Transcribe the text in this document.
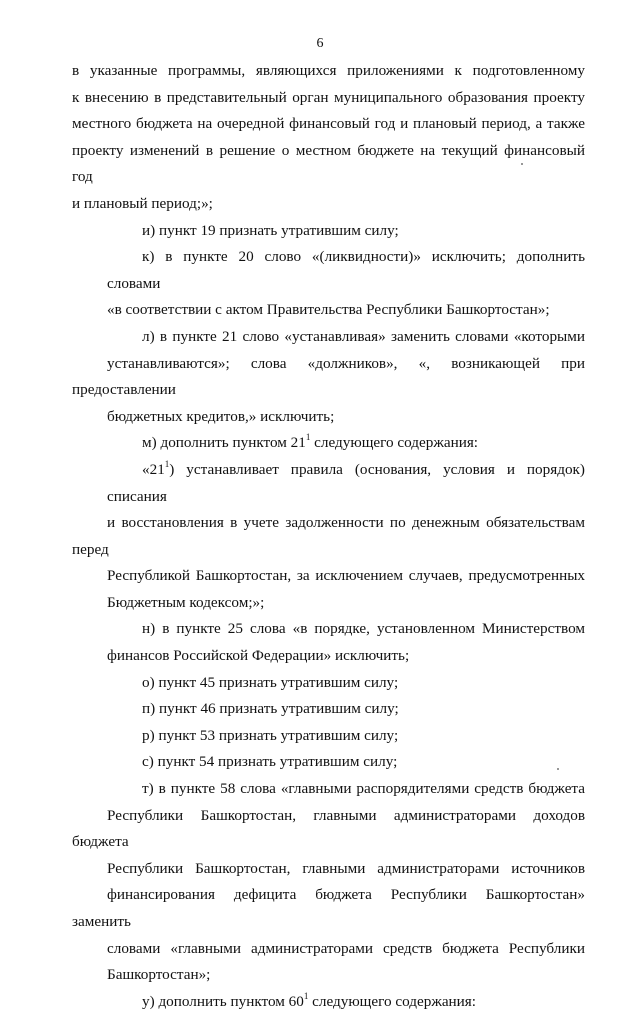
6
в указанные программы, являющихся приложениями к подготовленному
к внесению в представительный орган муниципального образования проекту
местного бюджета на очередной финансовый год и плановый период, а также
проекту изменений в решение о местном бюджете на текущий финансовый год
и плановый период;»;
и) пункт 19 признать утратившим силу;
к) в пункте 20 слово «(ликвидности)» исключить; дополнить словами
«в соответствии с актом Правительства Республики Башкортостан»;
л) в пункте 21 слово «устанавливая» заменить словами «которыми
устанавливаются»; слова «должников», «, возникающей при предоставлении
бюджетных кредитов,» исключить;
м) дополнить пунктом $21^1$ следующего содержания:
«$21^1$) устанавливает правила (основания, условия и порядок) списания
и восстановления в учете задолженности по денежным обязательствам перед
Республикой Башкортостан, за исключением случаев, предусмотренных
Бюджетным кодексом;»;
н) в пункте 25 слова «в порядке, установленном Министерством
финансов Российской Федерации» исключить;
о) пункт 45 признать утратившим силу;
п) пункт 46 признать утратившим силу;
р) пункт 53 признать утратившим силу;
с) пункт 54 признать утратившим силу;
т) в пункте 58 слова «главными распорядителями средств бюджета
Республики Башкортостан, главными администраторами доходов бюджета
Республики Башкортостан, главными администраторами источников
финансирования дефицита бюджета Республики Башкортостан» заменить
словами «главными администраторами средств бюджета Республики
Башкортостан»;
у) дополнить пунктом $60^1$ следующего содержания:
